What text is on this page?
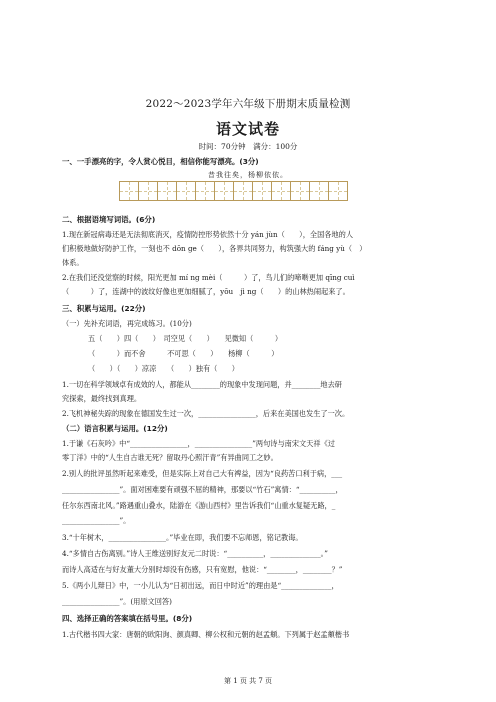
2022～2023学年六年级下册期末质量检测
语文试卷
时间：70分钟　满分：100分
一、一手漂亮的字，令人赏心悦目，相信你能写漂亮。(3分)
昔我往矣，杨柳依依。
二、根据语境写词语。(6分)
1.现在新冠病毒还是无法彻底消灭，疫情防控形势依然十分 yán jùn（　　），全国各地的人
们积极地做好防护工作，一刻也不 dōn ge（　　），各界共同努力，构筑强大的 fáng yù（　）
体系。
2.在我们还没觉察的时候，阳光更加 mí ng mèi（　　　）了，鸟儿们的啼啭更加 qīng cuì
（　　　）了，连湖中的波纹好像也更加细腻了，yōu　jì ng（　　）的山林热闹起来了。
三、积累与运用。(22分)
（一）先补充词语，再完成练习。(10分)
五（　　）四（　　）　司空见（　　）　　见微知（　　　）
（　　　）而不舍　　　不可思（　　）　　杨柳（　　　）
（　　）（　　）凉凉　　（　　）独有（　　）
1.一切在科学领域卓有成效的人，都能从________的现象中发现问题，并________地去研
究探索，最终找到真理。
2.飞机神秘失踪的现象在德国发生过一次，________________，后来在美国也发生了一次。
（二）语言积累与运用。(12分)
1.于谦《石灰吟》中“________________，________________”两句诗与南宋文天祥《过
零丁洋》中的“人生自古谁无死？留取丹心照汗青”有异曲同工之妙。
2.别人的批评虽然听起来难受，但是实际上对自己大有裨益，因为“良药苦口利于病，___
________________”。面对困难要有顽强不屈的精神，那要以“竹石”寓情：“__________，
任尔东西南北风。”路遇重山叠水，陆游在《游山西村》里告诉我们“山重水复疑无路，_
________________”。
3.“十年树木，________________。”毕业在即，我们要不忘师恩，铭记教诲。
4.“多情自古伤离别。”诗人王维送别好友元二时说：“__________，______________。”
而诗人高适在与好友董大分别时却没有伤感，只有宽慰，他说：“________，________？”
5.《两小儿辩日》中，一小儿认为“日初出远，而日中时近”的理由是“______________，
________________”。(用原文回答)
四、选择正确的答案填在括号里。(8分)
1.古代楷书四大家：唐朝的欧阳询、颜真卿、柳公权和元朝的赵孟頫。下列属于赵孟頫楷书
第 1 页 共 7 页
